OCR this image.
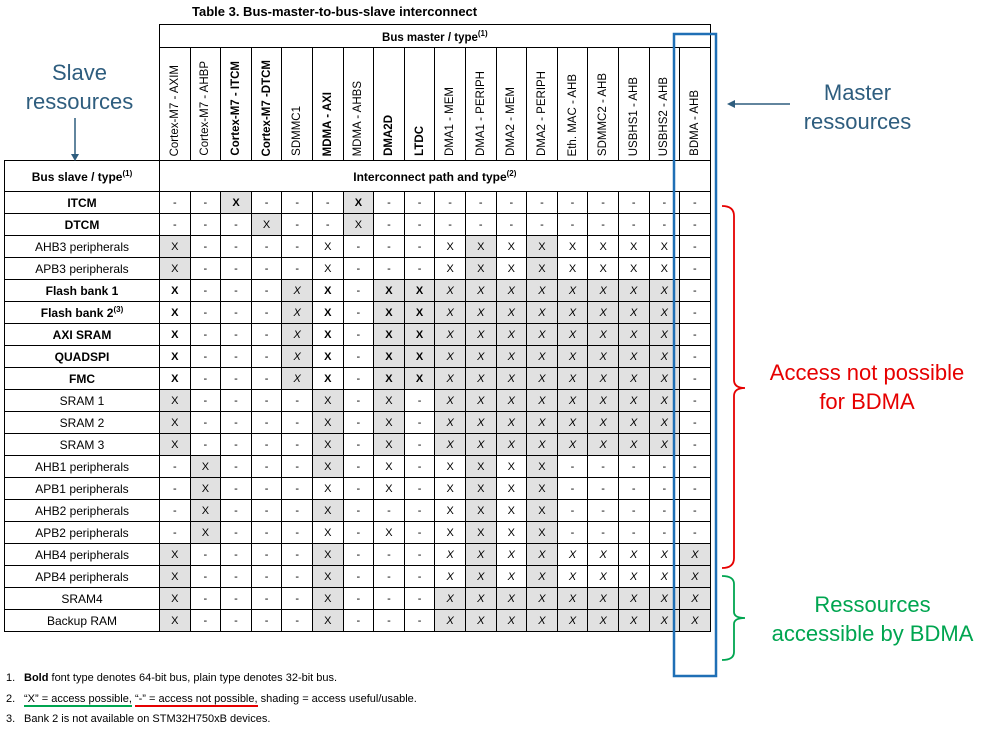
Table 3. Bus-master-to-bus-slave interconnect
	Bus master / type$^{(1)}$

	Cortex-M7 - AXIM	Cortex-M7 - AHBP	Cortex-M7 - ITCM	Cortex-M7 -DTCM	SDMMC1	MDMA - AXI	MDMA - AHBS	DMA2D	LTDC	DMA1 - MEM	DMA1 - PERIPH	DMA2 - MEM	DMA2 - PERIPH	Eth. MAC - AHB	SDMMC2 - AHB	USBHS1 - AHB	USBHS2 - AHB	BDMA - AHB

Bus slave / type$^{(1)}$	Interconnect path and type$^{(2)}$
ITCM	-	-	X	-	-	-	X	-	-	-	-	-	-	-	-	-	-	-
DTCM	-	-	-	X	-	-	X	-	-	-	-	-	-	-	-	-	-	-
AHB3 peripherals	X	-	-	-	-	X	-	-	-	X	X	X	X	X	X	X	X	-
APB3 peripherals	X	-	-	-	-	X	-	-	-	X	X	X	X	X	X	X	X	-
Flash bank 1	X	-	-	-	X	X	-	X	X	X	X	X	X	X	X	X	X	-
Flash bank 2$^{(3)}$	X	-	-	-	X	X	-	X	X	X	X	X	X	X	X	X	X	-
AXI SRAM	X	-	-	-	X	X	-	X	X	X	X	X	X	X	X	X	X	-
QUADSPI	X	-	-	-	X	X	-	X	X	X	X	X	X	X	X	X	X	-
FMC	X	-	-	-	X	X	-	X	X	X	X	X	X	X	X	X	X	-
SRAM 1	X	-	-	-	-	X	-	X	-	X	X	X	X	X	X	X	X	-
SRAM 2	X	-	-	-	-	X	-	X	-	X	X	X	X	X	X	X	X	-
SRAM 3	X	-	-	-	-	X	-	X	-	X	X	X	X	X	X	X	X	-
AHB1 peripherals	-	X	-	-	-	X	-	X	-	X	X	X	X	-	-	-	-	-
APB1 peripherals	-	X	-	-	-	X	-	X	-	X	X	X	X	-	-	-	-	-
AHB2 peripherals	-	X	-	-	-	X	-	-	-	X	X	X	X	-	-	-	-	-
APB2 peripherals	-	X	-	-	-	X	-	X	-	X	X	X	X	-	-	-	-	-
AHB4 peripherals	X	-	-	-	-	X	-	-	-	X	X	X	X	X	X	X	X	X
APB4 peripherals	X	-	-	-	-	X	-	-	-	X	X	X	X	X	X	X	X	X
SRAM4	X	-	-	-	-	X	-	-	-	X	X	X	X	X	X	X	X	X
Backup RAM	X	-	-	-	-	X	-	-	-	X	X	X	X	X	X	X	X	X
Slave
ressources	Master
ressources
Access not possible
for BDMA
Ressources
accessible by BDMA
1. Bold font type denotes 64-bit bus, plain type denotes 32-bit bus.
2. “X” = access possible, “-” = access not possible, shading = access useful/usable.
3. Bank 2 is not available on STM32H750xB devices.
